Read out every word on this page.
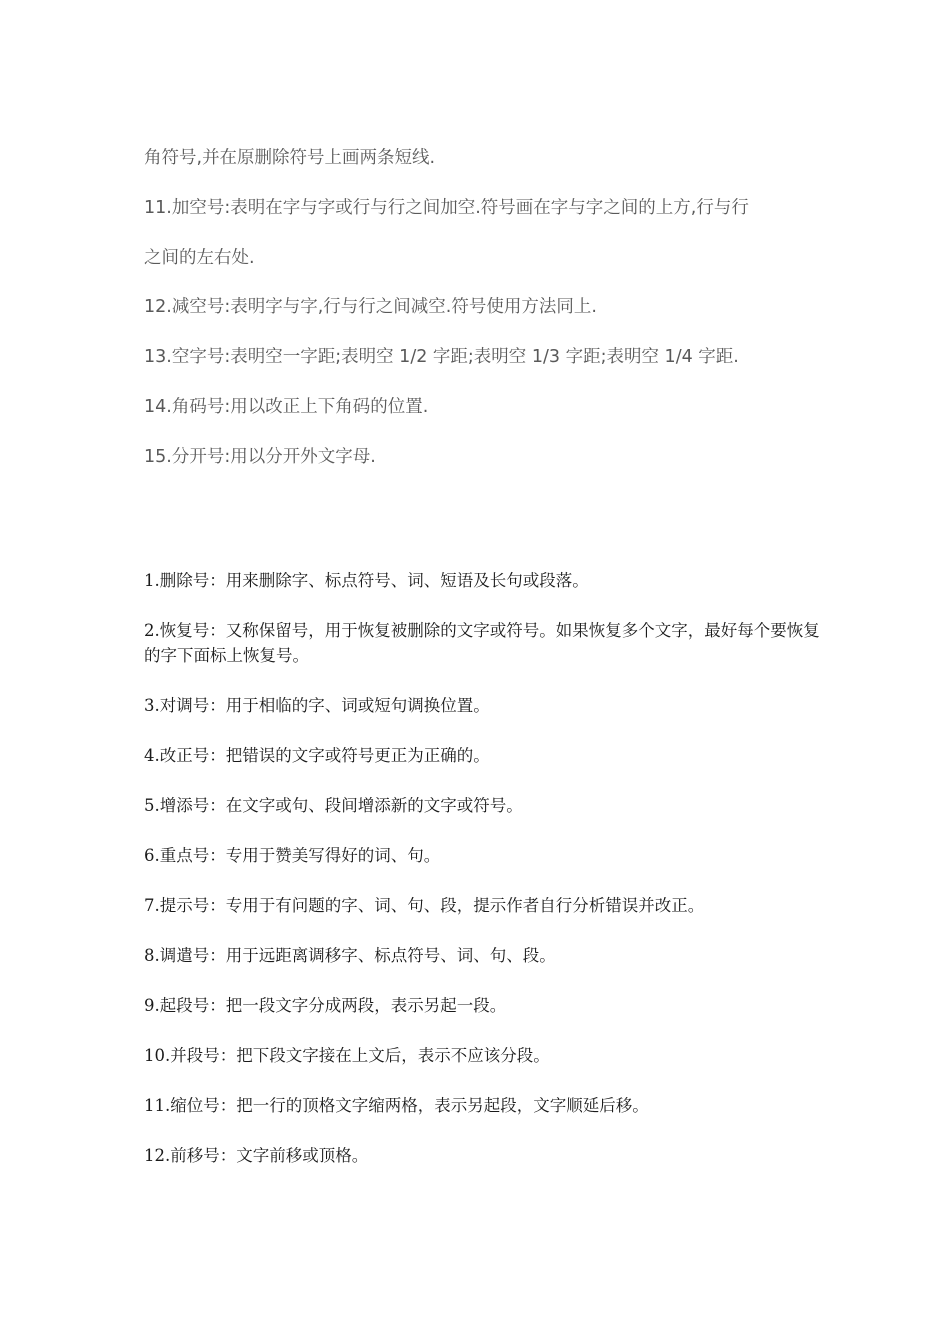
角符号,并在原删除符号上画两条短线.

11.加空号:表明在字与字或行与行之间加空.符号画在字与字之间的上方,行与行

之间的左右处.

12.减空号:表明字与字,行与行之间减空.符号使用方法同上.

13.空字号:表明空一字距;表明空 1/2 字距;表明空 1/3 字距;表明空 1/4 字距.

14.角码号:用以改正上下角码的位置.

15.分开号:用以分开外文字母.

1.删除号：用来删除字、标点符号、词、短语及长句或段落。

2.恢复号：又称保留号，用于恢复被删除的文字或符号。如果恢复多个文字，最好每个要恢复的字下面标上恢复号。

3.对调号：用于相临的字、词或短句调换位置。

4.改正号：把错误的文字或符号更正为正确的。

5.增添号：在文字或句、段间增添新的文字或符号。

6.重点号：专用于赞美写得好的词、句。

7.提示号：专用于有问题的字、词、句、段，提示作者自行分析错误并改正。

8.调遣号：用于远距离调移字、标点符号、词、句、段。

9.起段号：把一段文字分成两段，表示另起一段。

10.并段号：把下段文字接在上文后，表示不应该分段。

11.缩位号：把一行的顶格文字缩两格，表示另起段，文字顺延后移。

12.前移号：文字前移或顶格。
